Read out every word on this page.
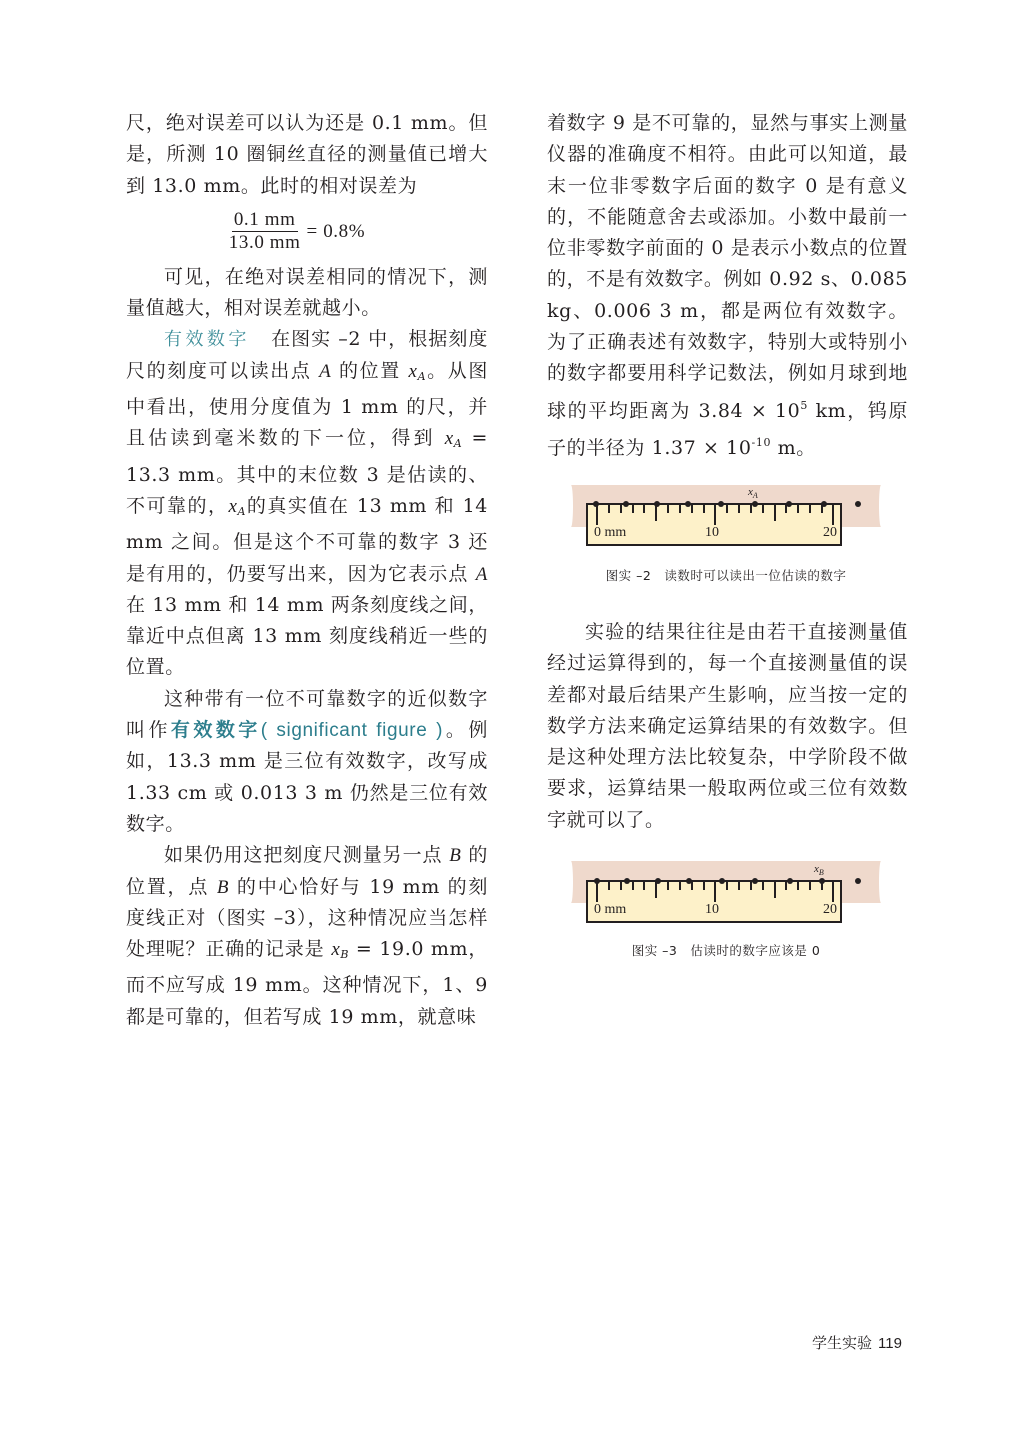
尺，绝对误差可以认为还是 0.1 mm。但是，所测 10 圈铜丝直径的测量值已增大到 13.0 mm。此时的相对误差为

$\frac{0.1 mm}{13.0 mm} = 0.8\%$

可见，在绝对误差相同的情况下，测量值越大，相对误差就越小。

有效数字 在图实 –2 中，根据刻度尺的刻度可以读出点 A 的位置 $x_A$。从图中看出，使用分度值为 1 mm 的尺，并且估读到毫米数的下一位，得到 $x_A = 13.3$ mm。其中的末位数 3 是估读的、不可靠的，$x_A$的真实值在 13 mm 和 14 mm 之间。但是这个不可靠的数字 3 还是有用的，仍要写出来，因为它表示点 A 在 13 mm 和 14 mm 两条刻度线之间，靠近中点但离 13 mm 刻度线稍近一些的位置。

这种带有一位不可靠数字的近似数字叫作有效数字( significant figure )。例如，13.3 mm 是三位有效数字，改写成 1.33 cm 或 0.013 3 m 仍然是三位有效数字。

如果仍用这把刻度尺测量另一点 B 的位置，点 B 的中心恰好与 19 mm 的刻度线正对（图实 –3），这种情况应当怎样处理呢？正确的记录是 $x_B = 19.0$ mm，而不应写成 19 mm。这种情况下，1、9 都是可靠的，但若写成 19 mm，就意味

着数字 9 是不可靠的，显然与事实上测量仪器的准确度不相符。由此可以知道，最末一位非零数字后面的数字 0 是有意义的，不能随意舍去或添加。小数中最前一位非零数字前面的 0 是表示小数点的位置的，不是有效数字。例如 0.92 s、0.085 kg、0.006 3 m，都是两位有效数字。为了正确表述有效数字，特别大或特别小的数字都要用科学记数法，例如月球到地球的平均距离为 $3.84 \times 10^5$ km，钨原子的半径为 $1.37 \times 10^{-10}$ m。

0 mm	10	20
$x_A$
图实 –2　读数时可以读出一位估读的数字

实验的结果往往是由若干直接测量值经过运算得到的，每一个直接测量值的误差都对最后结果产生影响，应当按一定的数学方法来确定运算结果的有效数字。但是这种处理方法比较复杂，中学阶段不做要求，运算结果一般取两位或三位有效数字就可以了。

0 mm	10	20
$x_B$
图实 –3　估读时的数字应该是 0
学生实验 119
